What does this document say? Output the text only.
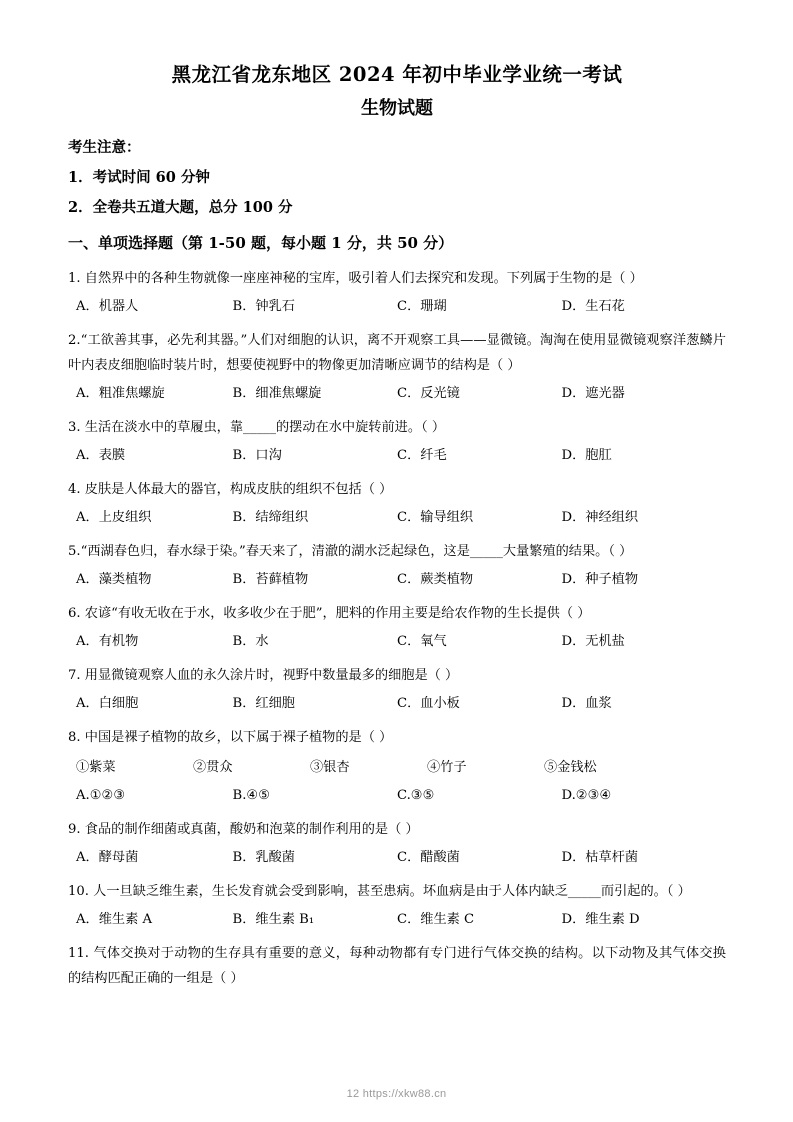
黑龙江省龙东地区 2024 年初中毕业学业统一考试
生物试题
考生注意：
1．考试时间 60 分钟
2．全卷共五道大题，总分 100 分
一、单项选择题（第 1-50 题，每小题 1 分，共 50 分）
1. 自然界中的各种生物就像一座座神秘的宝库，吸引着人们去探究和发现。下列属于生物的是（ ）
A．机器人	B．钟乳石	C．珊瑚	D．生石花
2.“工欲善其事，必先利其器。”人们对细胞的认识，离不开观察工具——显微镜。淘淘在使用显微镜观察洋葱鳞片叶内表皮细胞临时装片时，想要使视野中的物像更加清晰应调节的结构是（ ）
A．粗准焦螺旋	B．细准焦螺旋	C．反光镜	D．遮光器
3. 生活在淡水中的草履虫，靠_____的摆动在水中旋转前进。（ ）
A．表膜	B．口沟	C．纤毛	D．胞肛
4. 皮肤是人体最大的器官，构成皮肤的组织不包括（ ）
A．上皮组织	B．结缔组织	C．输导组织	D．神经组织
5.“西湖春色归，春水绿于染。”春天来了，清澈的湖水泛起绿色，这是_____大量繁殖的结果。（ ）
A．藻类植物	B．苔藓植物	C．蕨类植物	D．种子植物
6. 农谚“有收无收在于水，收多收少在于肥”，肥料的作用主要是给农作物的生长提供（ ）
A．有机物	B．水	C．氧气	D．无机盐
7. 用显微镜观察人血的永久涂片时，视野中数量最多的细胞是（ ）
A．白细胞	B．红细胞	C．血小板	D．血浆
8. 中国是裸子植物的故乡，以下属于裸子植物的是（ ）
①紫菜	②贯众	③银杏	④竹子	⑤金钱松
A.①②③	B.④⑤	C.③⑤	D.②③④
9. 食品的制作细菌或真菌，酸奶和泡菜的制作利用的是（ ）
A．酵母菌	B．乳酸菌	C．醋酸菌	D．枯草杆菌
10. 人一旦缺乏维生素，生长发育就会受到影响，甚至患病。坏血病是由于人体内缺乏_____而引起的。（ ）
A．维生素 A	B．维生素 B₁	C．维生素 C	D．维生素 D
11. 气体交换对于动物的生存具有重要的意义，每种动物都有专门进行气体交换的结构。以下动物及其气体交换的结构匹配正确的一组是（ ）
12 https://xkw88.cn
